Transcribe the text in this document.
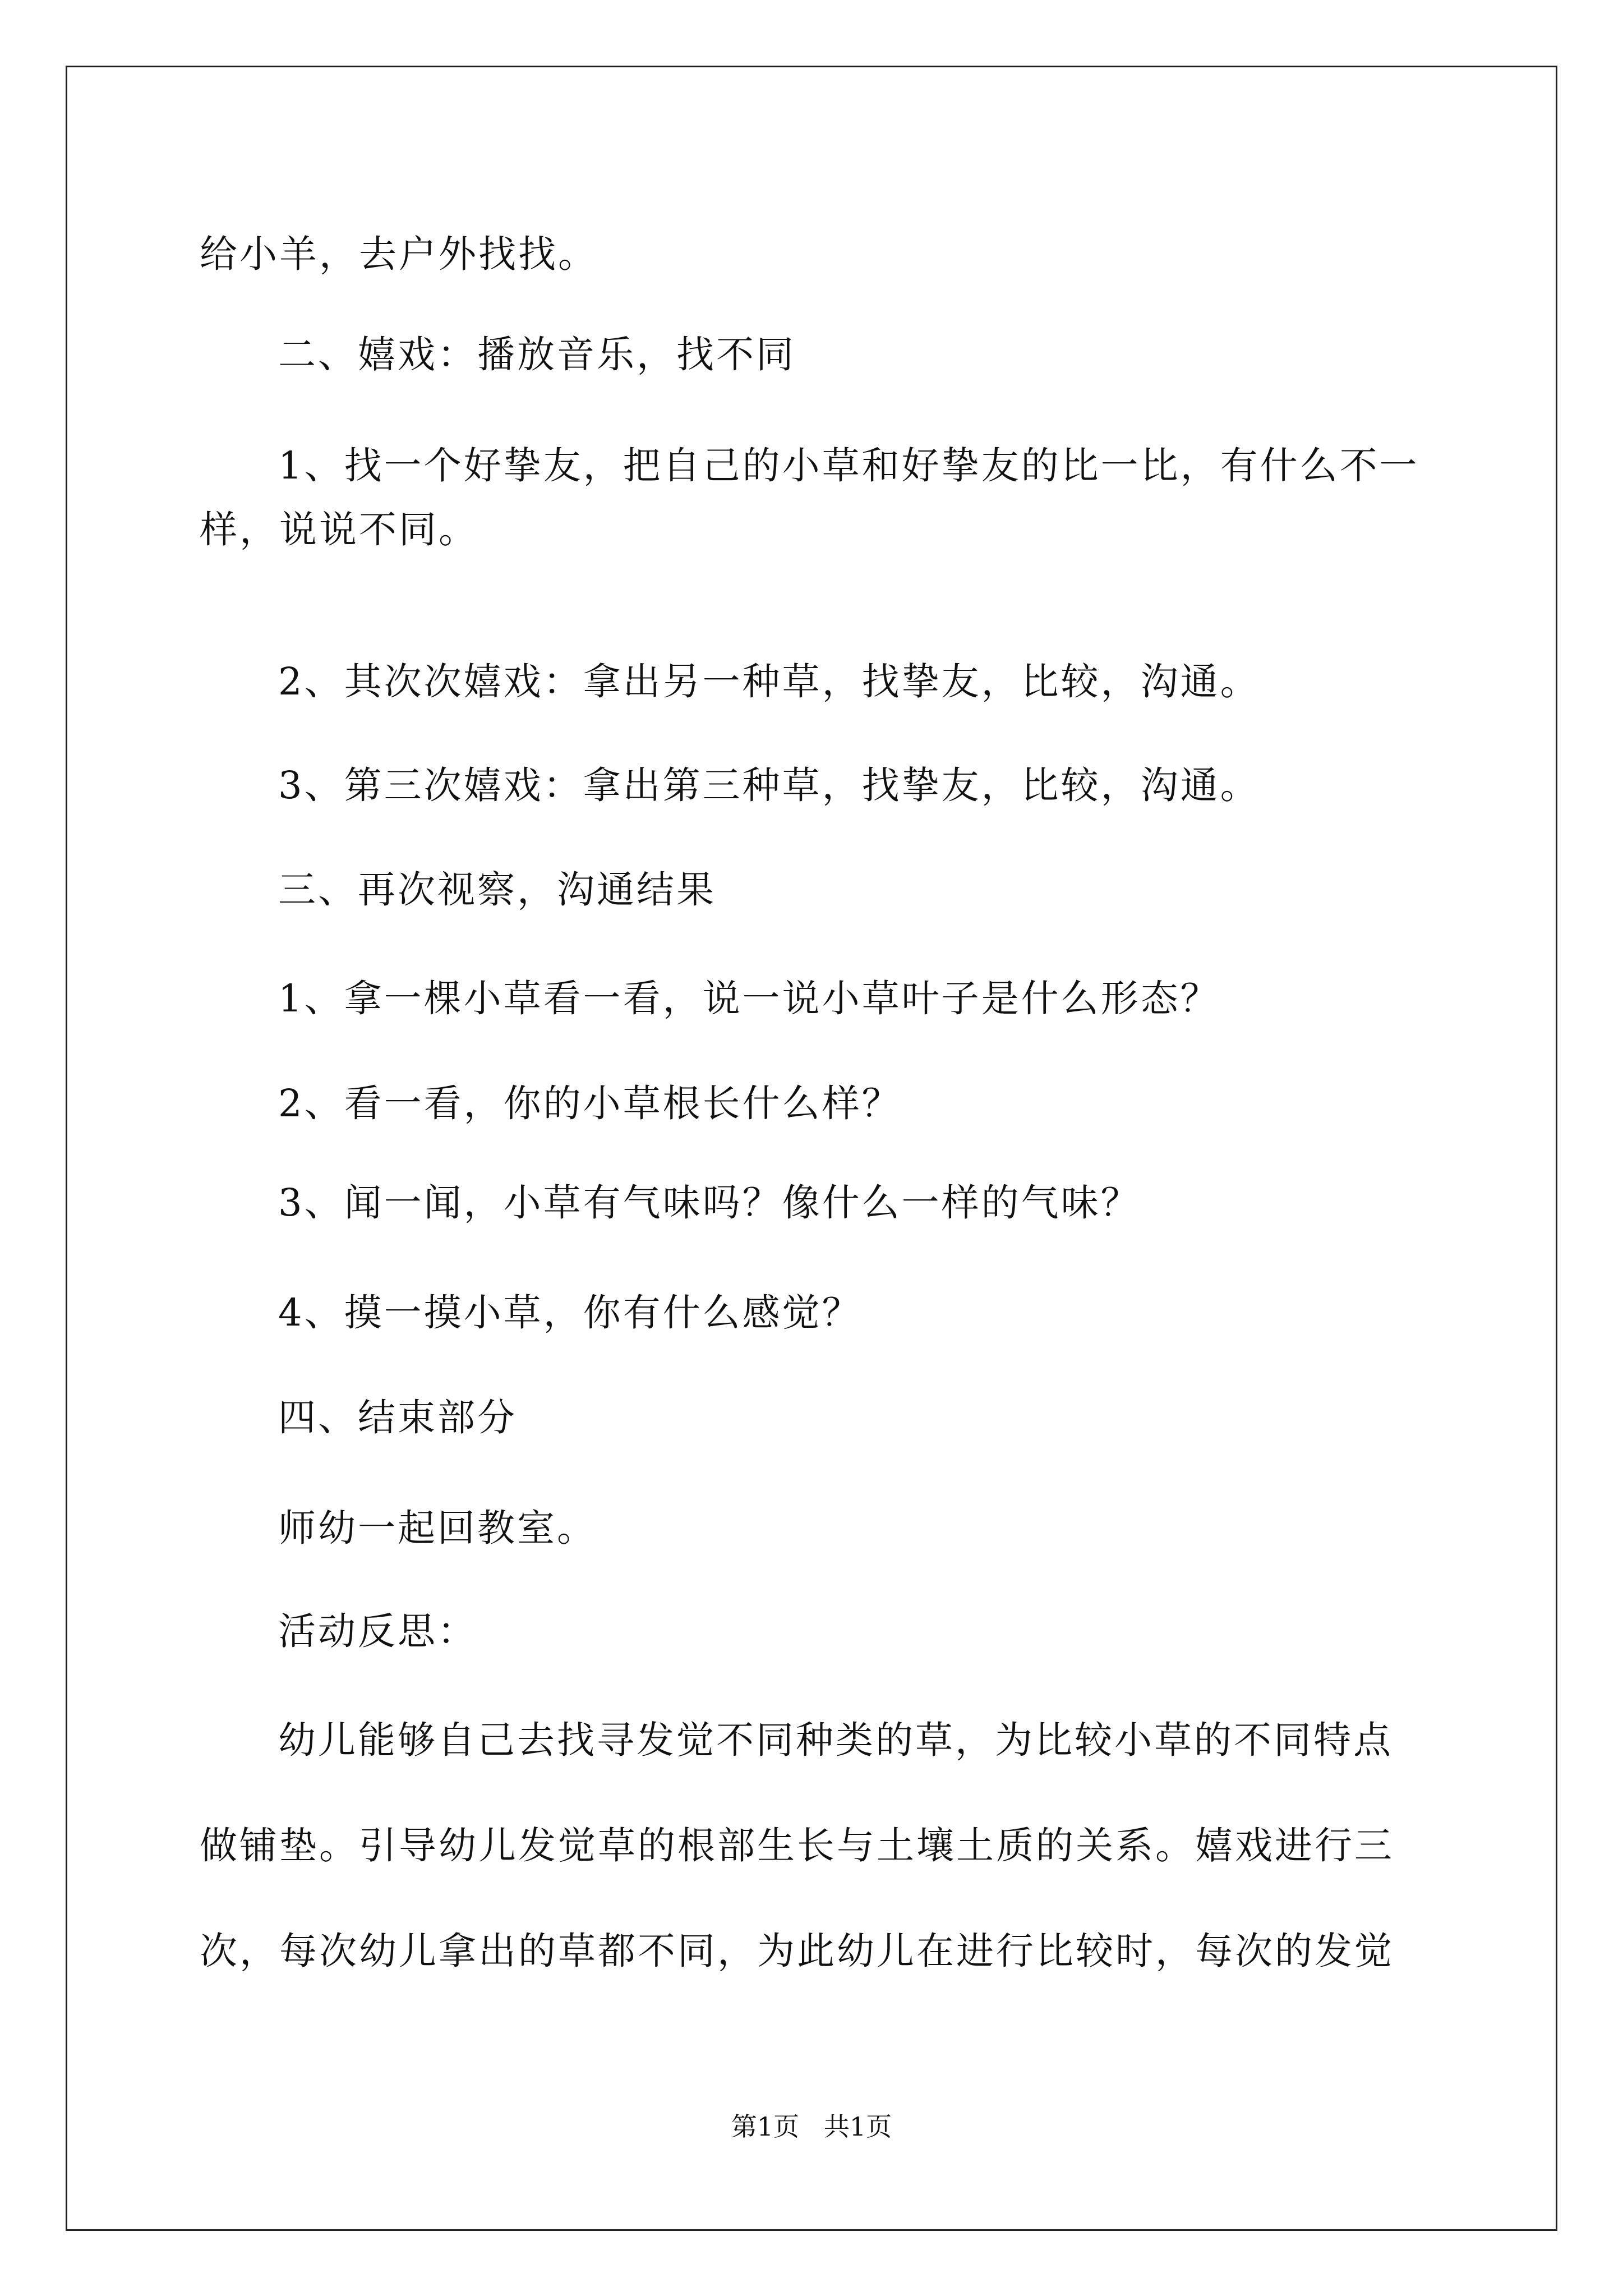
给小羊，去户外找找。
二、嬉戏：播放音乐，找不同
1、找一个好挚友，把自己的小草和好挚友的比一比，有什么不一
样，说说不同。
2、其次次嬉戏：拿出另一种草，找挚友，比较，沟通。
3、第三次嬉戏：拿出第三种草，找挚友，比较，沟通。
三、再次视察，沟通结果
1、拿一棵小草看一看，说一说小草叶子是什么形态？
2、看一看，你的小草根长什么样？
3、闻一闻，小草有气味吗？像什么一样的气味？
4、摸一摸小草，你有什么感觉？
四、结束部分
师幼一起回教室。
活动反思：
幼儿能够自己去找寻发觉不同种类的草，为比较小草的不同特点
做铺垫。引导幼儿发觉草的根部生长与土壤土质的关系。嬉戏进行三
次，每次幼儿拿出的草都不同，为此幼儿在进行比较时，每次的发觉
第1页   共1页
